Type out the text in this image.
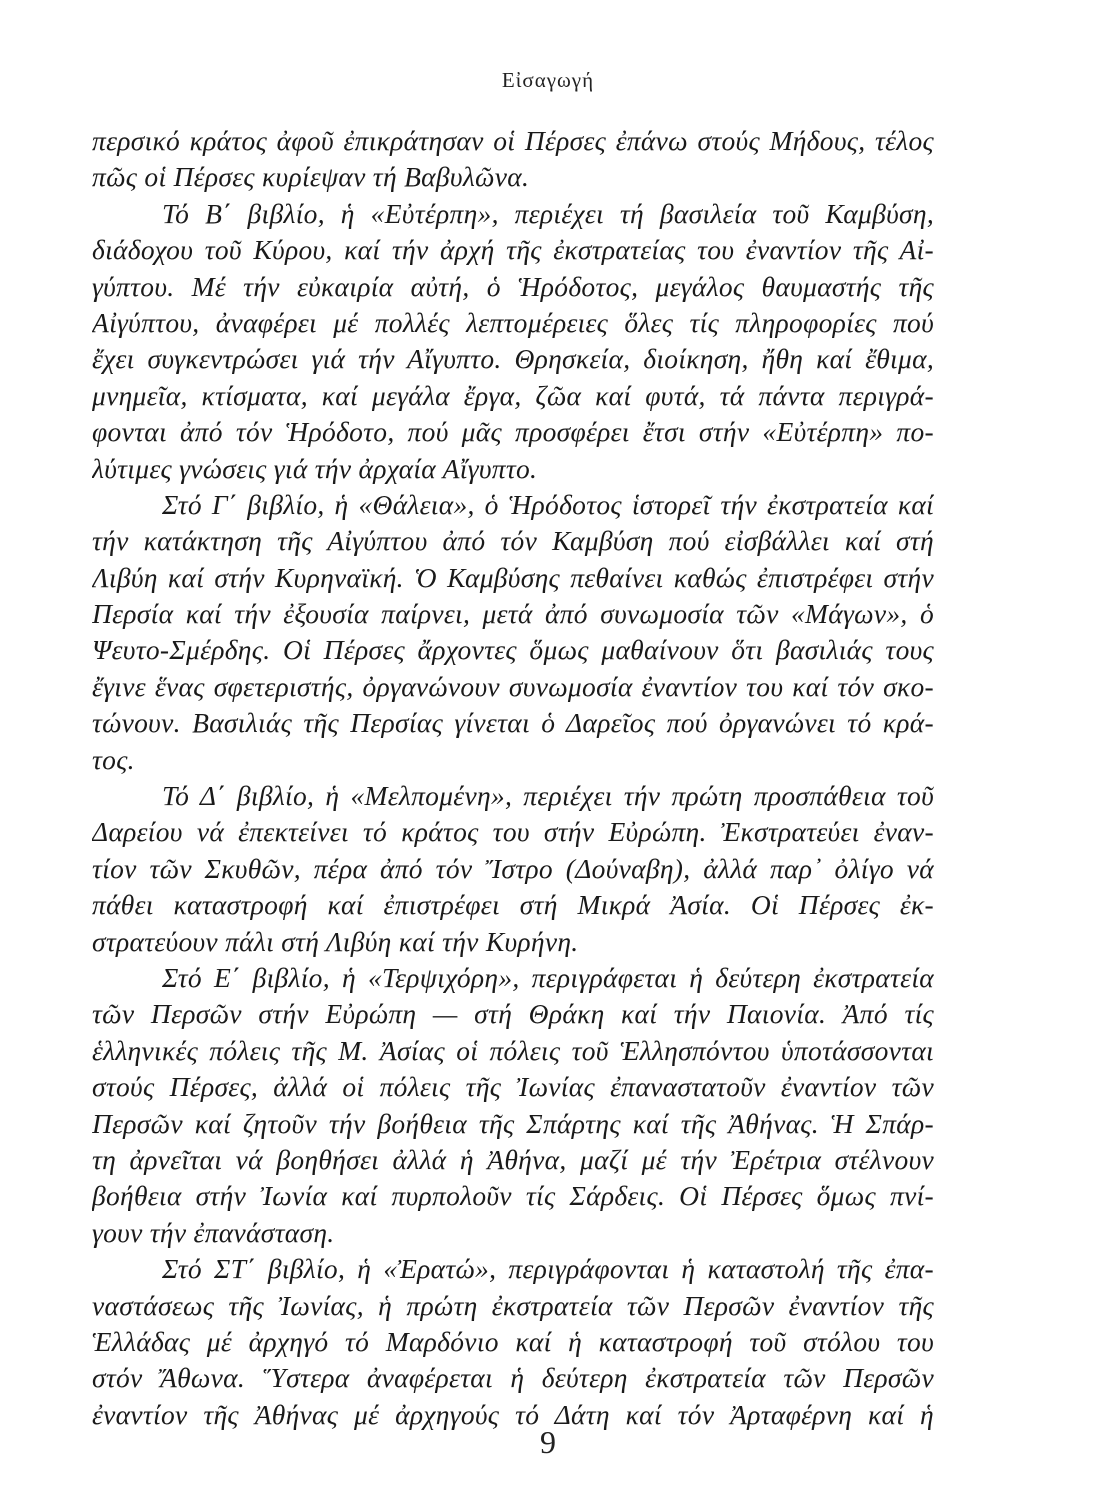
Εἰσαγωγή
περσικό κράτος ἀφοῦ ἐπικράτησαν οἱ Πέρσες ἐπάνω στούς Μήδους, τέλος
πῶς οἱ Πέρσες κυρίεψαν τή Βαβυλῶνα.
Τό Β΄ βιβλίο, ἡ «Εὐτέρπη», περιέχει τή βασιλεία τοῦ Καμβύση,
διάδοχου τοῦ Κύρου, καί τήν ἀρχή τῆς ἐκστρατείας του ἐναντίον τῆς Αἰ-
γύπτου. Μέ τήν εὐκαιρία αὐτή, ὁ Ἡρόδοτος, μεγάλος θαυμαστής τῆς
Αἰγύπτου, ἀναφέρει μέ πολλές λεπτομέρειες ὅλες τίς πληροφορίες πού
ἔχει συγκεντρώσει γιά τήν Αἴγυπτο. Θρησκεία, διοίκηση, ἤθη καί ἔθιμα,
μνημεῖα, κτίσματα, καί μεγάλα ἔργα, ζῶα καί φυτά, τά πάντα περιγρά-
φονται ἀπό τόν Ἡρόδοτο, πού μᾶς προσφέρει ἔτσι στήν «Εὐτέρπη» πο-
λύτιμες γνώσεις γιά τήν ἀρχαία Αἴγυπτο.
Στό Γ΄ βιβλίο, ἡ «Θάλεια», ὁ Ἡρόδοτος ἱστορεῖ τήν ἐκστρατεία καί
τήν κατάκτηση τῆς Αἰγύπτου ἀπό τόν Καμβύση πού εἰσβάλλει καί στή
Λιβύη καί στήν Κυρηναϊκή. Ὁ Καμβύσης πεθαίνει καθώς ἐπιστρέφει στήν
Περσία καί τήν ἐξουσία παίρνει, μετά ἀπό συνωμοσία τῶν «Μάγων», ὁ
Ψευτο-Σμέρδης. Οἱ Πέρσες ἄρχοντες ὅμως μαθαίνουν ὅτι βασιλιάς τους
ἔγινε ἕνας σφετεριστής, ὀργανώνουν συνωμοσία ἐναντίον του καί τόν σκο-
τώνουν. Βασιλιάς τῆς Περσίας γίνεται ὁ Δαρεῖος πού ὀργανώνει τό κρά-
τος.
Τό Δ΄ βιβλίο, ἡ «Μελπομένη», περιέχει τήν πρώτη προσπάθεια τοῦ
Δαρείου νά ἐπεκτείνει τό κράτος του στήν Εὐρώπη. Ἐκστρατεύει ἐναν-
τίον τῶν Σκυθῶν, πέρα ἀπό τόν Ἴστρο (Δούναβη), ἀλλά παρ᾽ ὀλίγο νά
πάθει καταστροφή καί ἐπιστρέφει στή Μικρά Ἀσία. Οἱ Πέρσες ἐκ-
στρατεύουν πάλι στή Λιβύη καί τήν Κυρήνη.
Στό Ε΄ βιβλίο, ἡ «Τερψιχόρη», περιγράφεται ἡ δεύτερη ἐκστρατεία
τῶν Περσῶν στήν Εὐρώπη — στή Θράκη καί τήν Παιονία. Ἀπό τίς
ἑλληνικές πόλεις τῆς Μ. Ἀσίας οἱ πόλεις τοῦ Ἑλλησπόντου ὑποτάσσονται
στούς Πέρσες, ἀλλά οἱ πόλεις τῆς Ἰωνίας ἐπαναστατοῦν ἐναντίον τῶν
Περσῶν καί ζητοῦν τήν βοήθεια τῆς Σπάρτης καί τῆς Ἀθήνας. Ἡ Σπάρ-
τη ἀρνεῖται νά βοηθήσει ἀλλά ἡ Ἀθήνα, μαζί μέ τήν Ἐρέτρια στέλνουν
βοήθεια στήν Ἰωνία καί πυρπολοῦν τίς Σάρδεις. Οἱ Πέρσες ὅμως πνί-
γουν τήν ἐπανάσταση.
Στό ΣΤ΄ βιβλίο, ἡ «Ἐρατώ», περιγράφονται ἡ καταστολή τῆς ἐπα-
ναστάσεως τῆς Ἰωνίας, ἡ πρώτη ἐκστρατεία τῶν Περσῶν ἐναντίον τῆς
Ἑλλάδας μέ ἀρχηγό τό Μαρδόνιο καί ἡ καταστροφή τοῦ στόλου του
στόν Ἄθωνα. Ὕστερα ἀναφέρεται ἡ δεύτερη ἐκστρατεία τῶν Περσῶν
ἐναντίον τῆς Ἀθήνας μέ ἀρχηγούς τό Δάτη καί τόν Ἀρταφέρνη καί ἡ
9
